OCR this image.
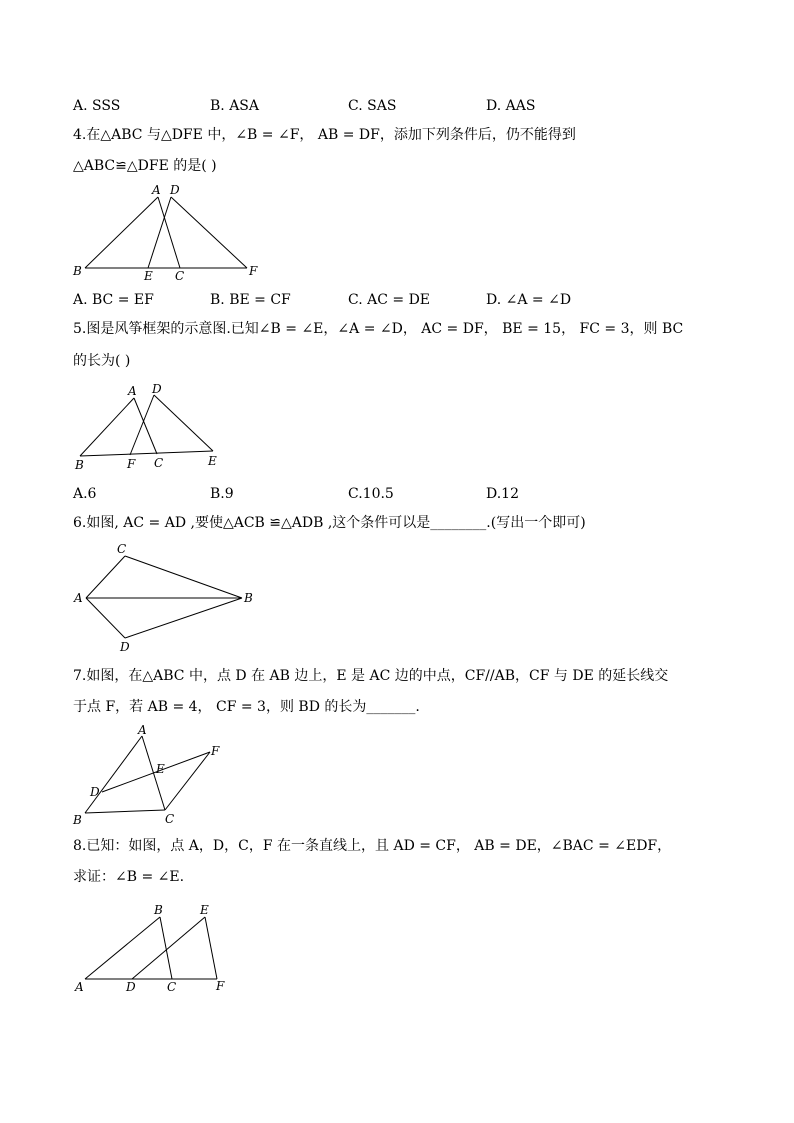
A. SSS	B. ASA	C. SAS	D. AAS
4.在△ABC 与△DFE 中，∠B = ∠F， AB = DF，添加下列条件后，仍不能得到
△ABC≌△DFE 的是( )
A D
B	E C	F
A. BC = EF	B. BE = CF	C. AC = DE	D. ∠A = ∠D
5.图是风筝框架的示意图.已知∠B = ∠E，∠A = ∠D， AC = DF， BE = 15， FC = 3，则 BC
的长为( )
A D
B	F C	E
A.6	B.9	C.10.5	D.12
6.如图, AC = AD ,要使△ACB ≌△ADB ,这个条件可以是________.(写出一个即可)
C
A	B
D
7.如图，在△ABC 中，点 D 在 AB 边上，E 是 AC 边的中点，CF//AB，CF 与 DE 的延长线交
于点 F，若 AB = 4， CF = 3，则 BD 的长为_______.
A
F
E
D
B	C
8.已知：如图，点 A，D，C，F 在一条直线上，且 AD = CF， AB = DE，∠BAC = ∠EDF，
求证：∠B = ∠E.
B	E
A	D	C	F
